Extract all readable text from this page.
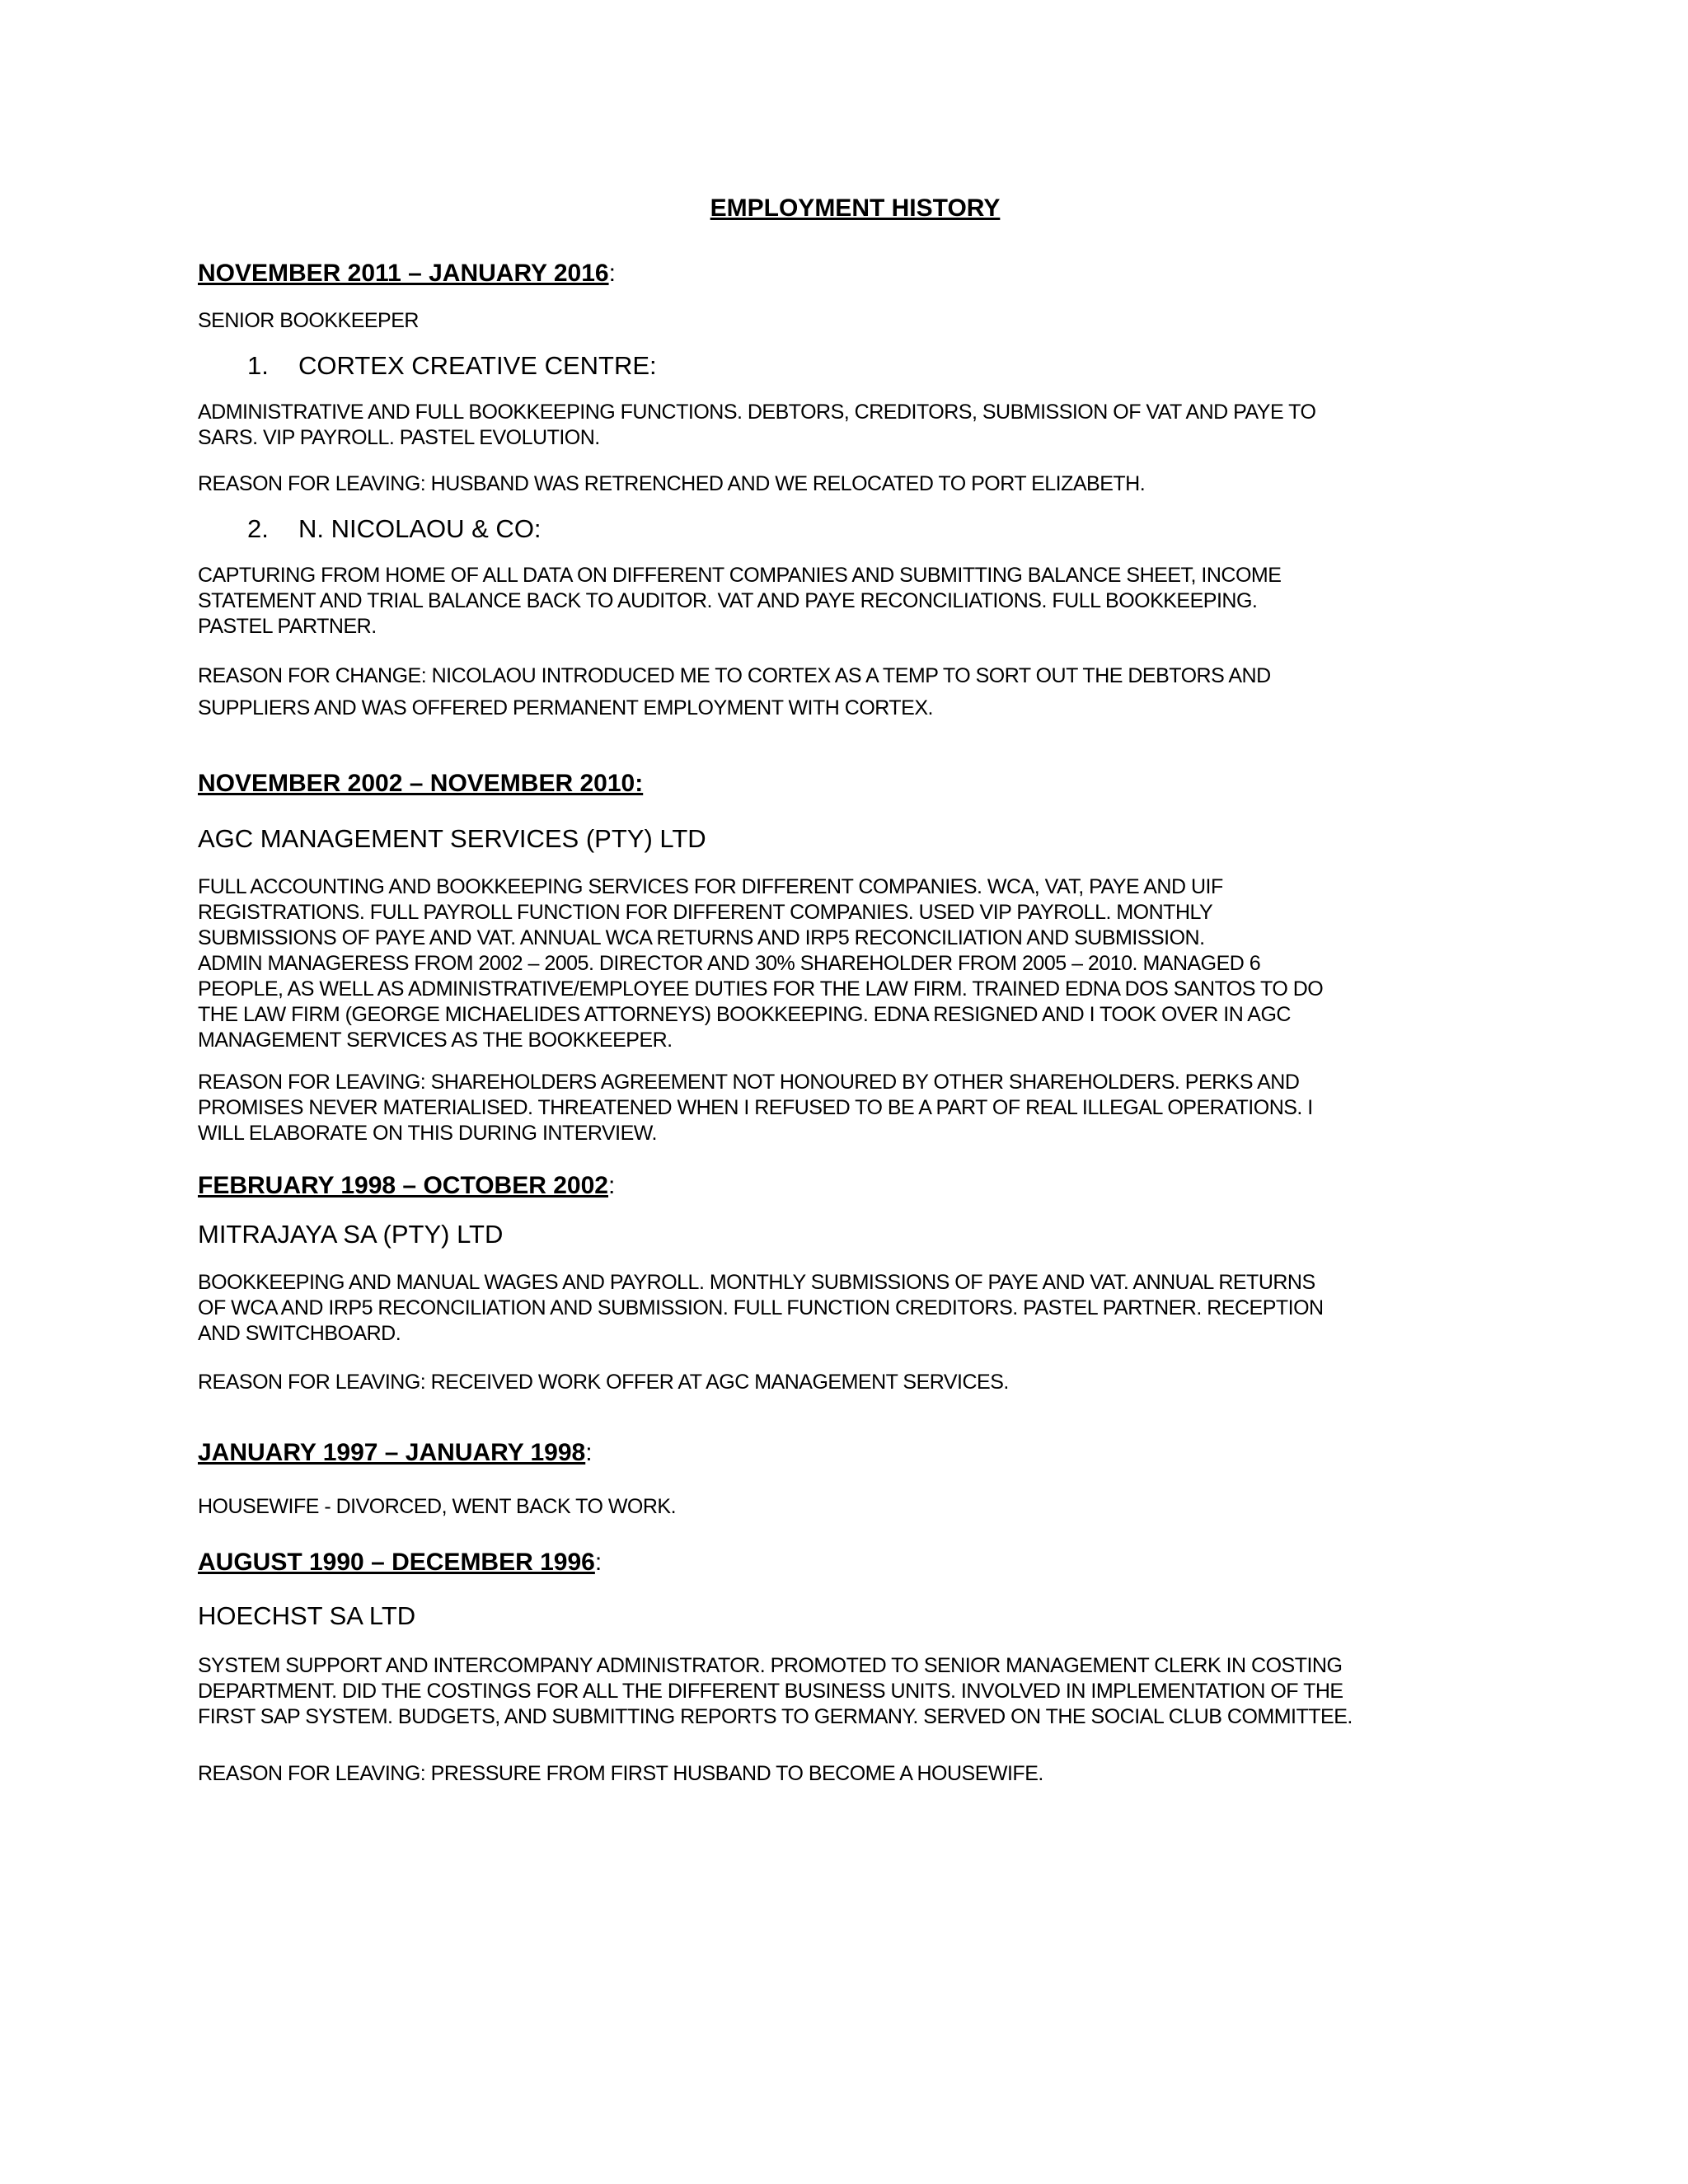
EMPLOYMENT HISTORY

NOVEMBER 2011 – JANUARY 2016:

SENIOR BOOKKEEPER

1. CORTEX CREATIVE CENTRE:

ADMINISTRATIVE AND FULL BOOKKEEPING FUNCTIONS. DEBTORS, CREDITORS, SUBMISSION OF VAT AND PAYE TO
SARS. VIP PAYROLL. PASTEL EVOLUTION.

REASON FOR LEAVING: HUSBAND WAS RETRENCHED AND WE RELOCATED TO PORT ELIZABETH.

2. N. NICOLAOU & CO:

CAPTURING FROM HOME OF ALL DATA ON DIFFERENT COMPANIES AND SUBMITTING BALANCE SHEET, INCOME
STATEMENT AND TRIAL BALANCE BACK TO AUDITOR. VAT AND PAYE RECONCILIATIONS. FULL BOOKKEEPING.
PASTEL PARTNER.

REASON FOR CHANGE: NICOLAOU INTRODUCED ME TO CORTEX AS A TEMP TO SORT OUT THE DEBTORS AND
SUPPLIERS AND WAS OFFERED PERMANENT EMPLOYMENT WITH CORTEX.

NOVEMBER 2002 – NOVEMBER 2010:

AGC MANAGEMENT SERVICES (PTY) LTD

FULL ACCOUNTING AND BOOKKEEPING SERVICES FOR DIFFERENT COMPANIES. WCA, VAT, PAYE AND UIF
REGISTRATIONS. FULL PAYROLL FUNCTION FOR DIFFERENT COMPANIES. USED VIP PAYROLL. MONTHLY
SUBMISSIONS OF PAYE AND VAT. ANNUAL WCA RETURNS AND IRP5 RECONCILIATION AND SUBMISSION.
ADMIN MANAGERESS FROM 2002 – 2005. DIRECTOR AND 30% SHAREHOLDER FROM 2005 – 2010. MANAGED 6
PEOPLE, AS WELL AS ADMINISTRATIVE/EMPLOYEE DUTIES FOR THE LAW FIRM. TRAINED EDNA DOS SANTOS TO DO
THE LAW FIRM (GEORGE MICHAELIDES ATTORNEYS) BOOKKEEPING. EDNA RESIGNED AND I TOOK OVER IN AGC
MANAGEMENT SERVICES AS THE BOOKKEEPER.

REASON FOR LEAVING: SHAREHOLDERS AGREEMENT NOT HONOURED BY OTHER SHAREHOLDERS. PERKS AND
PROMISES NEVER MATERIALISED. THREATENED WHEN I REFUSED TO BE A PART OF REAL ILLEGAL OPERATIONS. I
WILL ELABORATE ON THIS DURING INTERVIEW.

FEBRUARY 1998 – OCTOBER 2002:

MITRAJAYA SA (PTY) LTD

BOOKKEEPING AND MANUAL WAGES AND PAYROLL. MONTHLY SUBMISSIONS OF PAYE AND VAT. ANNUAL RETURNS
OF WCA AND IRP5 RECONCILIATION AND SUBMISSION. FULL FUNCTION CREDITORS. PASTEL PARTNER. RECEPTION
AND SWITCHBOARD.

REASON FOR LEAVING: RECEIVED WORK OFFER AT AGC MANAGEMENT SERVICES.

JANUARY 1997 – JANUARY 1998:

HOUSEWIFE - DIVORCED, WENT BACK TO WORK.

AUGUST 1990 – DECEMBER 1996:

HOECHST SA LTD

SYSTEM SUPPORT AND INTERCOMPANY ADMINISTRATOR. PROMOTED TO SENIOR MANAGEMENT CLERK IN COSTING
DEPARTMENT. DID THE COSTINGS FOR ALL THE DIFFERENT BUSINESS UNITS. INVOLVED IN IMPLEMENTATION OF THE
FIRST SAP SYSTEM. BUDGETS, AND SUBMITTING REPORTS TO GERMANY. SERVED ON THE SOCIAL CLUB COMMITTEE.

REASON FOR LEAVING: PRESSURE FROM FIRST HUSBAND TO BECOME A HOUSEWIFE.
